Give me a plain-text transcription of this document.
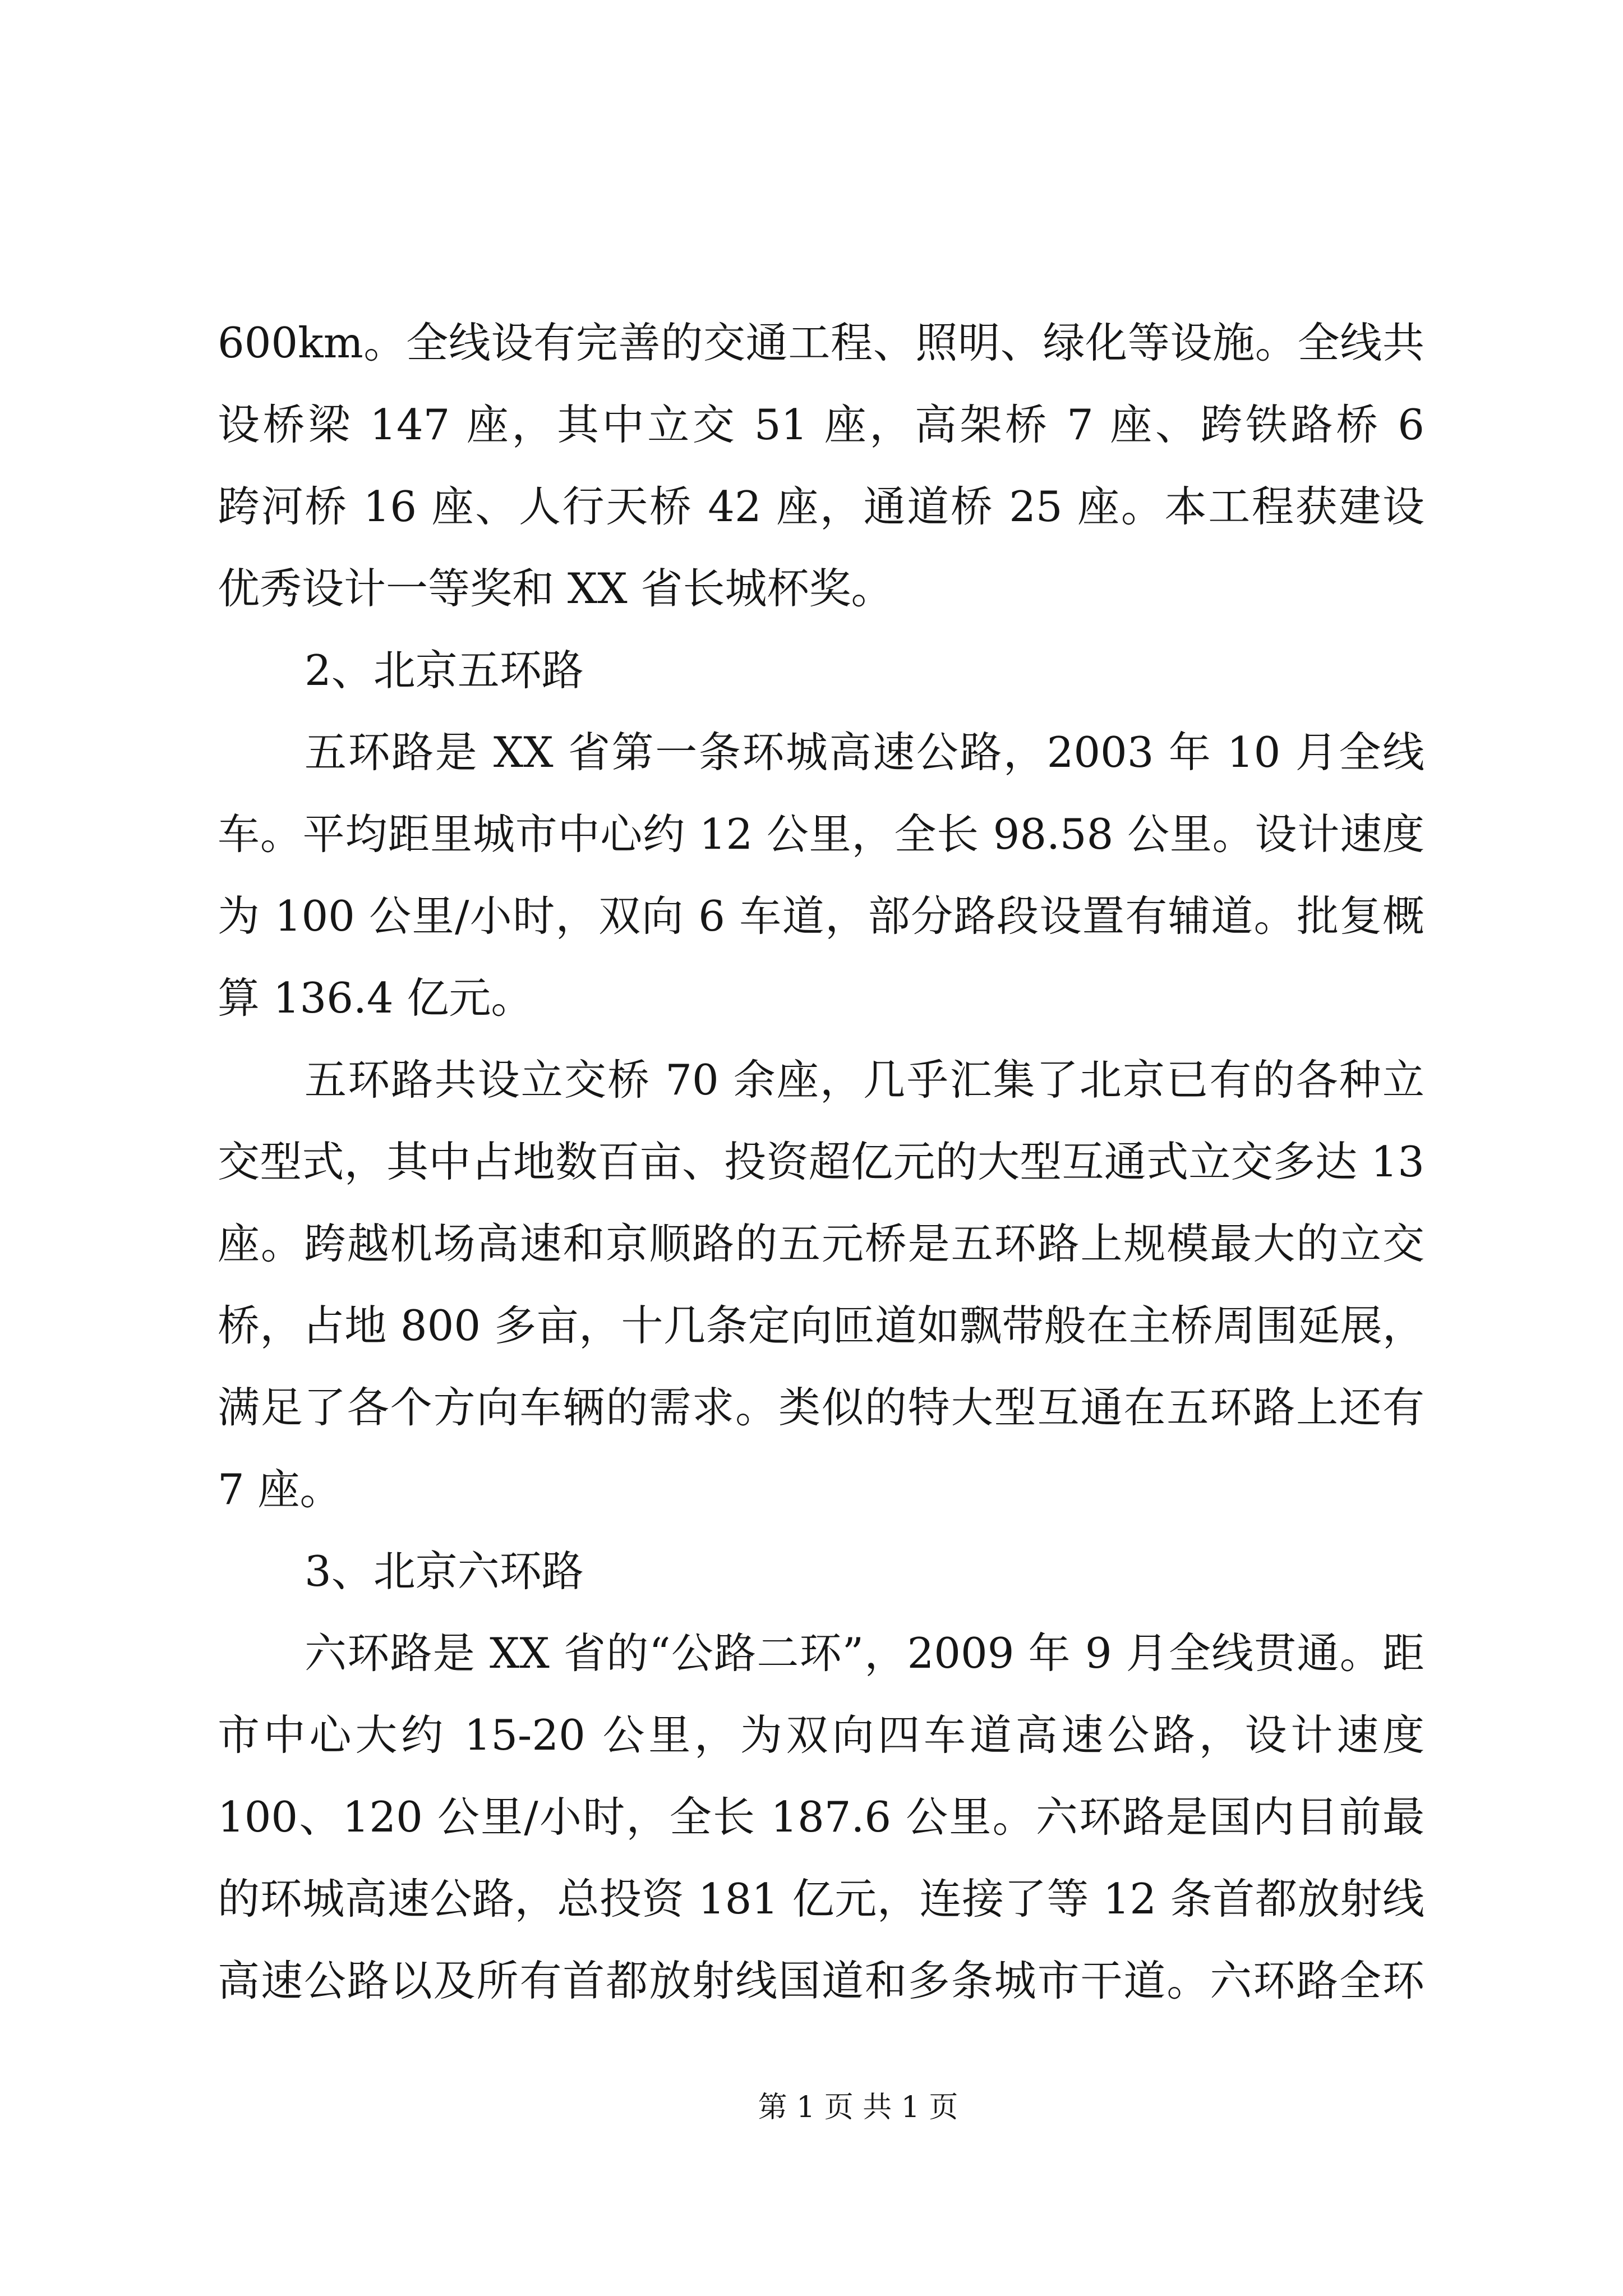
600km。全线设有完善的交通工程、照明、绿化等设施。全线共
设桥梁 147 座，其中立交 51 座，高架桥 7 座、跨铁路桥 6
跨河桥 16 座、人行天桥 42 座，通道桥 25 座。本工程获建设
优秀设计一等奖和 XX 省长城杯奖。
2、北京五环路
五环路是 XX 省第一条环城高速公路，2003 年 10 月全线
车。平均距里城市中心约 12 公里，全长 98.58 公里。设计速度
为 100 公里/小时，双向 6 车道，部分路段设置有辅道。批复概
算 136.4 亿元。
五环路共设立交桥 70 余座，几乎汇集了北京已有的各种立
交型式，其中占地数百亩、投资超亿元的大型互通式立交多达 13
座。跨越机场高速和京顺路的五元桥是五环路上规模最大的立交
桥，占地 800 多亩，十几条定向匝道如飘带般在主桥周围延展，
满足了各个方向车辆的需求。类似的特大型互通在五环路上还有
7 座。
3、北京六环路
六环路是 XX 省的“公路二环”，2009 年 9 月全线贯通。距
市中心大约 15-20 公里，为双向四车道高速公路，设计速度
100、120 公里/小时，全长 187.6 公里。六环路是国内目前最
的环城高速公路，总投资 181 亿元，连接了等 12 条首都放射线
高速公路以及所有首都放射线国道和多条城市干道。六环路全环
第 1 页 共 1 页
